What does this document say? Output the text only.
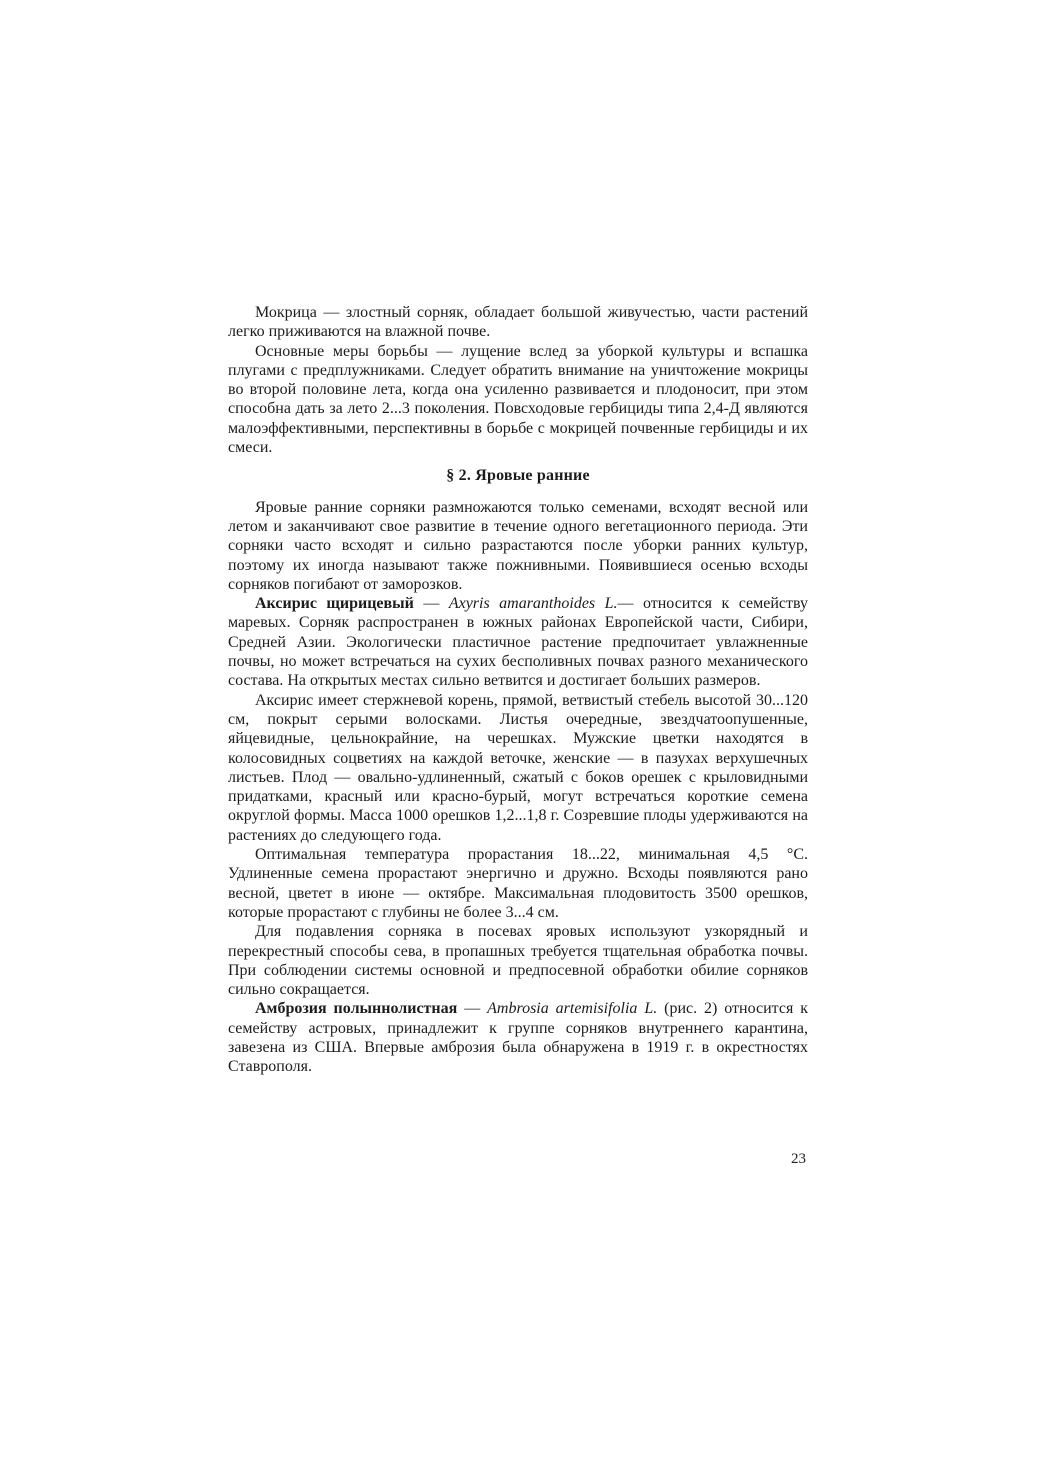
Мокрица — злостный сорняк, обладает большой живучестью, части растений легко приживаются на влажной почве.

Основные меры борьбы — лущение вслед за уборкой культуры и вспашка плугами с предплужниками. Следует обратить внимание на уничтожение мокрицы во второй половине лета, когда она усиленно развивается и плодоносит, при этом способна дать за лето 2...3 поколения. Повсходовые гербициды типа 2,4-Д являются малоэффективными, перспективны в борьбе с мокрицей почвенные гербициды и их смеси.

§ 2. Яровые ранние

Яровые ранние сорняки размножаются только семенами, всходят весной или летом и заканчивают свое развитие в течение одного вегетационного периода. Эти сорняки часто всходят и сильно разрастаются после уборки ранних культур, поэтому их иногда называют также пожнивными. Появившиеся осенью всходы сорняков погибают от заморозков.

Аксирис щирицевый — Axyris amaranthoides L.— относится к семейству маревых. Сорняк распространен в южных районах Европейской части, Сибири, Средней Азии. Экологически пластичное растение предпочитает увлажненные почвы, но может встречаться на сухих бесполивных почвах разного механического состава. На открытых местах сильно ветвится и достигает больших размеров.

Аксирис имеет стержневой корень, прямой, ветвистый стебель высотой 30...120 см, покрыт серыми волосками. Листья очередные, звездчатоопушенные, яйцевидные, цельнокрайние, на черешках. Мужские цветки находятся в колосовидных соцветиях на каждой веточке, женские — в пазухах верхушечных листьев. Плод — овально-удлиненный, сжатый с боков орешек с крыловидными придатками, красный или красно-бурый, могут встречаться короткие семена округлой формы. Масса 1000 орешков 1,2...1,8 г. Созревшие плоды удерживаются на растениях до следующего года.

Оптимальная температура прорастания 18...22, минимальная 4,5 °С. Удлиненные семена прорастают энергично и дружно. Всходы появляются рано весной, цветет в июне — октябре. Максимальная плодовитость 3500 орешков, которые прорастают с глубины не более 3...4 см.

Для подавления сорняка в посевах яровых используют узкорядный и перекрестный способы сева, в пропашных требуется тщательная обработка почвы. При соблюдении системы основной и предпосевной обработки обилие сорняков сильно сокращается.

Амброзия полыннолистная — Ambrosia artemisifolia L. (рис. 2) относится к семейству астровых, принадлежит к группе сорняков внутреннего карантина, завезена из США. Впервые амброзия была обнаружена в 1919 г. в окрестностях Ставрополя.

23
